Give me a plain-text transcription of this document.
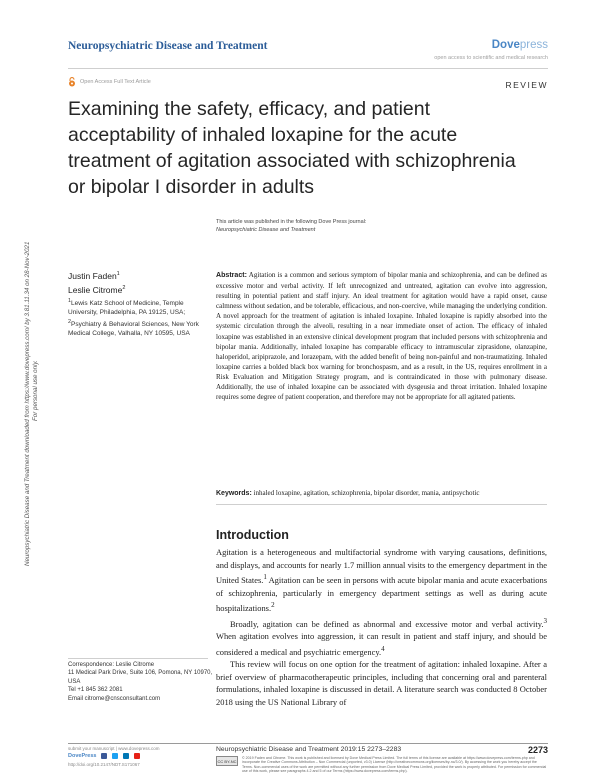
Neuropsychiatric Disease and Treatment	Dovepress
open access to scientific and medical research
Open Access Full Text Article	REVIEW
Examining the safety, efficacy, and patient acceptability of inhaled loxapine for the acute treatment of agitation associated with schizophrenia or bipolar I disorder in adults
Neuropsychiatric Disease and Treatment downloaded from https://www.dovepress.com/ by 3.81.11.34 on 28-Nov-2021 For personal use only.
This article was published in the following Dove Press journal:
Neuropsychiatric Disease and Treatment
Justin Faden$^1$
Leslie Citrome$^2$

$^1$Lewis Katz School of Medicine, Temple University, Philadelphia, PA 19125, USA;

$^2$Psychiatry & Behavioral Sciences, New York Medical College, Valhalla, NY 10595, USA

Abstract: Agitation is a common and serious symptom of bipolar mania and schizophrenia, and can be defined as excessive motor and verbal activity. If left unrecognized and untreated, agitation can evolve into aggression, resulting in potential patient and staff injury. An ideal treatment for agitation would have a rapid onset, cause calmness without sedation, and be tolerable, efficacious, and non-coercive, while managing the underlying condition. A novel approach for the treatment of agitation is inhaled loxapine. Inhaled loxapine is rapidly absorbed into the systemic circulation through the alveoli, resulting in a near immediate onset of action. The efficacy of inhaled loxapine was established in an extensive clinical development program that included persons with schizophrenia and bipolar mania. Additionally, inhaled loxapine has comparable efficacy to intramuscular ziprasidone, olanzapine, haloperidol, aripiprazole, and lorazepam, with the added benefit of being non-painful and non-traumatizing. Inhaled loxapine carries a bolded black box warning for bronchospasm, and as a result, in the US, requires enrollment in a Risk Evaluation and Mitigation Strategy program, and is contraindicated in those with pulmonary disease. Additionally, the use of inhaled loxapine can be associated with dysgeusia and throat irritation. Inhaled loxapine requires some degree of patient cooperation, and therefore may not be appropriate for all agitated patients.
Keywords: inhaled loxapine, agitation, schizophrenia, bipolar disorder, mania, antipsychotic
Introduction

Agitation is a heterogeneous and multifactorial syndrome with varying causations, definitions, and displays, and accounts for nearly 1.7 million annual visits to the emergency department in the United States.$^1$ Agitation can be seen in persons with acute bipolar mania and acute exacerbations of schizophrenia, particularly in emergency department settings as well as during acute hospitalizations.$^2$

Broadly, agitation can be defined as abnormal and excessive motor and verbal activity.$^3$ When agitation evolves into aggression, it can result in patient and staff injury, and should be considered a medical and psychiatric emergency.$^4$

This review will focus on one option for the treatment of agitation: inhaled loxapine. After a brief overview of pharmacotherapeutic principles, including that concerning oral and parenteral formulations, inhaled loxapine is discussed in detail. A literature search was conducted 8 October 2018 using the US National Library of

Correspondence: Leslie Citrome

11 Medical Park Drive, Suite 106, Pomona, NY 10970, USA

Tel +1 845 362 2081

Email citrome@cnsconsultant.com

submit your manuscript | www.dovepress.com
DovePress
http://doi.org/10.2147/NDT.S171067
Neuropsychiatric Disease and Treatment 2019:15 2273–2283	2273
CC BY-NC
© 2019 Faden and Citrome. This work is published and licensed by Dove Medical Press Limited. The full terms of this license are available at https://www.dovepress.com/terms.php and incorporate the Creative Commons Attribution – Non Commercial (unported, v3.0) License (http://creativecommons.org/licenses/by-nc/3.0/). By accessing the work you hereby accept the Terms. Non-commercial uses of the work are permitted without any further permission from Dove Medical Press Limited, provided the work is properly attributed. For permission for commercial use of this work, please see paragraphs 4.2 and 5 of our Terms (https://www.dovepress.com/terms.php).
